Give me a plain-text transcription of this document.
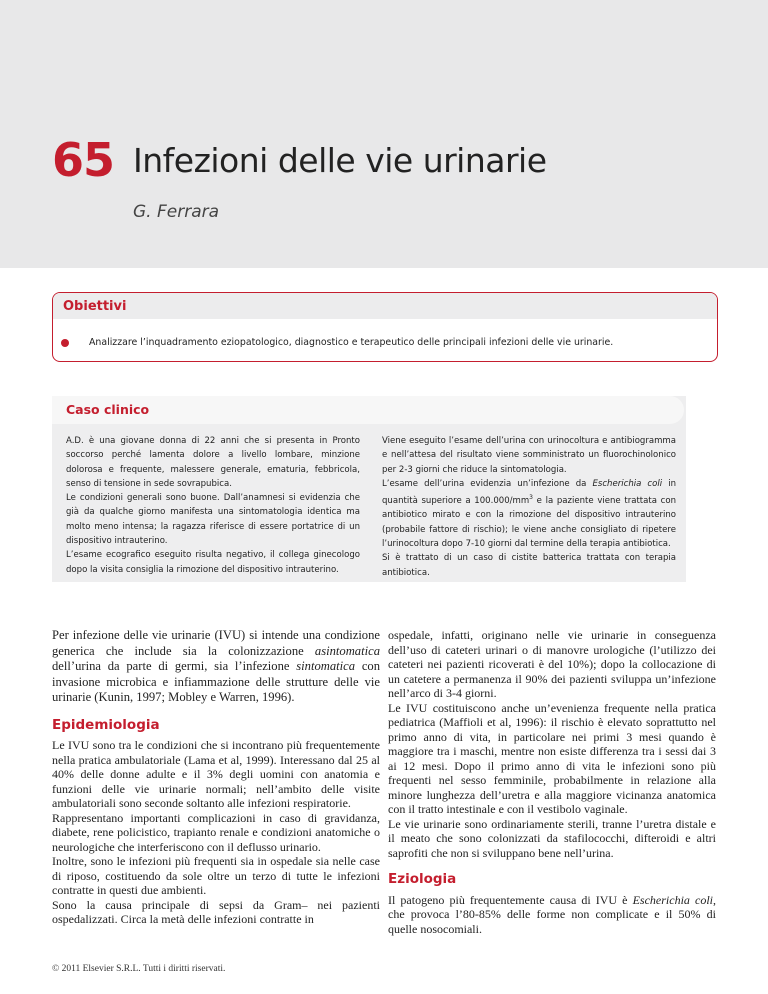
65 Infezioni delle vie urinarie
G. Ferrara
Obiettivi
Analizzare l’inquadramento eziopatologico, diagnostico e terapeutico delle principali infezioni delle vie urinarie.
Caso clinico

A.D. è una giovane donna di 22 anni che si presenta in Pronto soccorso perché lamenta dolore a livello lombare, minzione dolorosa e frequente, malessere generale, ematuria, febbricola, senso di tensione in sede sovrapubica.

Le condizioni generali sono buone. Dall’anamnesi si evidenzia che già da qualche giorno manifesta una sintomatologia identica ma molto meno intensa; la ragazza riferisce di essere portatrice di un dispositivo intrauterino.

L’esame ecografico eseguito risulta negativo, il collega ginecologo dopo la visita consiglia la rimozione del dispositivo intrauterino.

Viene eseguito l’esame dell’urina con urinocoltura e antibiogramma e nell’attesa del risultato viene somministrato un fluorochinolonico per 2-3 giorni che riduce la sintomatologia.

L’esame dell’urina evidenzia un’infezione da Escherichia coli in quantità superiore a $100.000/mm^3$ e la paziente viene trattata con antibiotico mirato e con la rimozione del dispositivo intrauterino (probabile fattore di rischio); le viene anche consigliato di ripetere l’urinocoltura dopo 7-10 giorni dal termine della terapia antibiotica.

Si è trattato di un caso di cistite batterica trattata con terapia antibiotica.

Per infezione delle vie urinarie (IVU) si intende una condizione generica che include sia la colonizzazione asintomatica dell’urina da parte di germi, sia l’infezione sintomatica con invasione microbica e infiammazione delle strutture delle vie urinarie (Kunin, 1997; Mobley e Warren, 1996).

Epidemiologia

Le IVU sono tra le condizioni che si incontrano più frequentemente nella pratica ambulatoriale (Lama et al, 1999). Interessano dal 25 al 40% delle donne adulte e il 3% degli uomini con anatomia e funzioni delle vie urinarie normali; nell’ambito delle visite ambulatoriali sono seconde soltanto alle infezioni respiratorie.

Rappresentano importanti complicazioni in caso di gravidanza, diabete, rene policistico, trapianto renale e condizioni anatomiche o neurologiche che interferiscono con il deflusso urinario.

Inoltre, sono le infezioni più frequenti sia in ospedale sia nelle case di riposo, costituendo da sole oltre un terzo di tutte le infezioni contratte in questi due ambienti.

Sono la causa principale di sepsi da Gram– nei pazienti ospedalizzati. Circa la metà delle infezioni contratte in

ospedale, infatti, originano nelle vie urinarie in conseguenza dell’uso di cateteri urinari o di manovre urologiche (l’utilizzo dei cateteri nei pazienti ricoverati è del 10%); dopo la collocazione di un catetere a permanenza il 90% dei pazienti sviluppa un’infezione nell’arco di 3-4 giorni.

Le IVU costituiscono anche un’evenienza frequente nella pratica pediatrica (Maffioli et al, 1996): il rischio è elevato soprattutto nel primo anno di vita, in particolare nei primi 3 mesi quando è maggiore tra i maschi, mentre non esiste differenza tra i sessi dai 3 ai 12 mesi. Dopo il primo anno di vita le infezioni sono più frequenti nel sesso femminile, probabilmente in relazione alla minore lunghezza dell’uretra e alla maggiore vicinanza anatomica con il tratto intestinale e con il vestibolo vaginale.

Le vie urinarie sono ordinariamente sterili, tranne l’uretra distale e il meato che sono colonizzati da stafilococchi, difteroidi e altri saprofiti che non si sviluppano bene nell’urina.

Eziologia

Il patogeno più frequentemente causa di IVU è Escherichia coli, che provoca l’80-85% delle forme non complicate e il 50% di quelle nosocomiali.

© 2011 Elsevier S.R.L. Tutti i diritti riservati.
